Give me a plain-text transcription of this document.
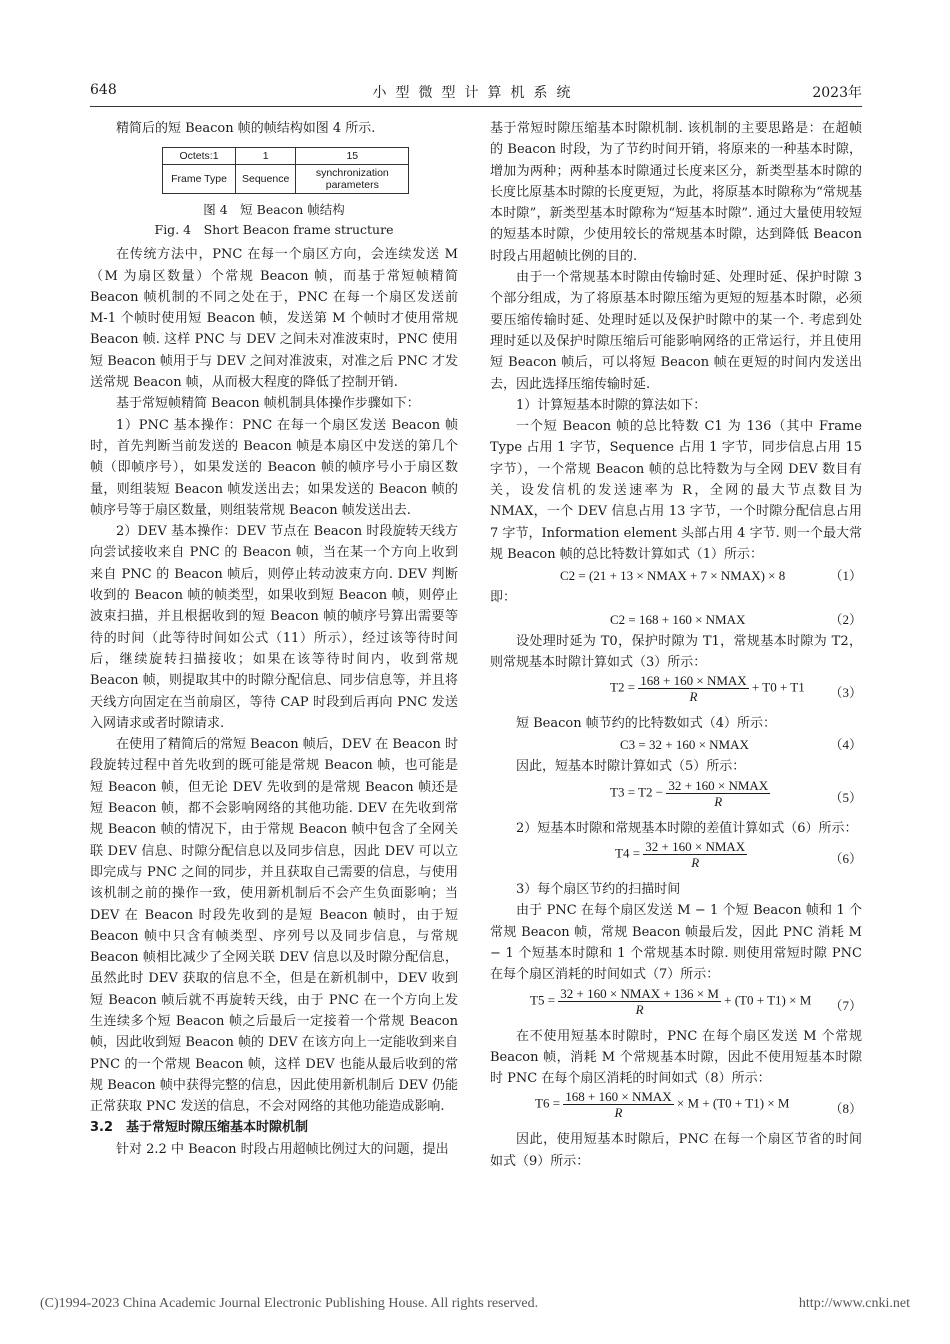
648	小型微型计算机系统	2023年

精简后的短 Beacon 帧的帧结构如图 4 所示.

Octets:1	1	15
Frame Type	Sequence	synchronization parameters
图 4　短 Beacon 帧结构
Fig. 4　Short Beacon frame structure

在传统方法中，PNC 在每一个扇区方向，会连续发送 M（M 为扇区数量）个常规 Beacon 帧，而基于常短帧精简 Beacon 帧机制的不同之处在于，PNC 在每一个扇区发送前 M-1 个帧时使用短 Beacon 帧，发送第 M 个帧时才使用常规 Beacon 帧. 这样 PNC 与 DEV 之间未对准波束时，PNC 使用短 Beacon 帧用于与 DEV 之间对准波束，对准之后 PNC 才发送常规 Beacon 帧，从而极大程度的降低了控制开销.

基于常短帧精简 Beacon 帧机制具体操作步骤如下：

1）PNC 基本操作：PNC 在每一个扇区发送 Beacon 帧时，首先判断当前发送的 Beacon 帧是本扇区中发送的第几个帧（即帧序号），如果发送的 Beacon 帧的帧序号小于扇区数量，则组装短 Beacon 帧发送出去；如果发送的 Beacon 帧的帧序号等于扇区数量，则组装常规 Beacon 帧发送出去.

2）DEV 基本操作：DEV 节点在 Beacon 时段旋转天线方向尝试接收来自 PNC 的 Beacon 帧，当在某一个方向上收到来自 PNC 的 Beacon 帧后，则停止转动波束方向. DEV 判断收到的 Beacon 帧的帧类型，如果收到短 Beacon 帧，则停止波束扫描，并且根据收到的短 Beacon 帧的帧序号算出需要等待的时间（此等待时间如公式（11）所示），经过该等待时间后，继续旋转扫描接收；如果在该等待时间内，收到常规 Beacon 帧，则提取其中的时隙分配信息、同步信息等，并且将天线方向固定在当前扇区，等待 CAP 时段到后再向 PNC 发送入网请求或者时隙请求.

在使用了精简后的常短 Beacon 帧后，DEV 在 Beacon 时段旋转过程中首先收到的既可能是常规 Beacon 帧，也可能是短 Beacon 帧，但无论 DEV 先收到的是常规 Beacon 帧还是短 Beacon 帧，都不会影响网络的其他功能. DEV 在先收到常规 Beacon 帧的情况下，由于常规 Beacon 帧中包含了全网关联 DEV 信息、时隙分配信息以及同步信息，因此 DEV 可以立即完成与 PNC 之间的同步，并且获取自己需要的信息，与使用该机制之前的操作一致，使用新机制后不会产生负面影响；当 DEV 在 Beacon 时段先收到的是短 Beacon 帧时，由于短 Beacon 帧中只含有帧类型、序列号以及同步信息，与常规 Beacon 帧相比减少了全网关联 DEV 信息以及时隙分配信息，虽然此时 DEV 获取的信息不全，但是在新机制中，DEV 收到短 Beacon 帧后就不再旋转天线，由于 PNC 在一个方向上发生连续多个短 Beacon 帧之后最后一定接着一个常规 Beacon 帧，因此收到短 Beacon 帧的 DEV 在该方向上一定能收到来自 PNC 的一个常规 Beacon 帧，这样 DEV 也能从最后收到的常规 Beacon 帧中获得完整的信息，因此使用新机制后 DEV 仍能正常获取 PNC 发送的信息，不会对网络的其他功能造成影响.

3.2　基于常短时隙压缩基本时隙机制

针对 2.2 中 Beacon 时段占用超帧比例过大的问题，提出

基于常短时隙压缩基本时隙机制. 该机制的主要思路是：在超帧的 Beacon 时段，为了节约时间开销，将原来的一种基本时隙，增加为两种；两种基本时隙通过长度来区分，新类型基本时隙的长度比原基本时隙的长度更短，为此，将原基本时隙称为“常规基本时隙”，新类型基本时隙称为“短基本时隙”. 通过大量使用较短的短基本时隙，少使用较长的常规基本时隙，达到降低 Beacon 时段占用超帧比例的目的.

由于一个常规基本时隙由传输时延、处理时延、保护时隙 3 个部分组成，为了将原基本时隙压缩为更短的短基本时隙，必须要压缩传输时延、处理时延以及保护时隙中的某一个. 考虑到处理时延以及保护时隙压缩后可能影响网络的正常运行，并且使用短 Beacon 帧后，可以将短 Beacon 帧在更短的时间内发送出去，因此选择压缩传输时延.

1）计算短基本时隙的算法如下：

一个短 Beacon 帧的总比特数 C1 为 136（其中 Frame Type 占用 1 字节，Sequence 占用 1 字节，同步信息占用 15 字节），一个常规 Beacon 帧的总比特数为与全网 DEV 数目有关，设发信机的发送速率为 R，全网的最大节点数目为 NMAX，一个 DEV 信息占用 13 字节，一个时隙分配信息占用 7 字节，Information element 头部占用 4 字节. 则一个最大常规 Beacon 帧的总比特数计算如式（1）所示：

C2 = (21 + 13 × NMAX + 7 × NMAX) × 8	（1）

即：

C2 = 168 + 160 × NMAX	（2）

设处理时延为 T0，保护时隙为 T1，常规基本时隙为 T2，则常规基本时隙计算如式（3）所示：

$T2 = \frac{\text{168 + 160 × NMAX}}{R} + T0 + T1$ （3）

短 Beacon 帧节约的比特数如式（4）所示：

C3 = 32 + 160 × NMAX	（4）

因此，短基本时隙计算如式（5）所示：

$T3 = T2 - \frac{\text{32 + 160 × NMAX}}{R}$	（5）

2）短基本时隙和常规基本时隙的差值计算如式（6）所示：

$T4 = \frac{\text{32 + 160 × NMAX}}{R}$	（6）

3）每个扇区节约的扫描时间

由于 PNC 在每个扇区发送 M − 1 个短 Beacon 帧和 1 个常规 Beacon 帧，常规 Beacon 帧最后发，因此 PNC 消耗 M − 1 个短基本时隙和 1 个常规基本时隙. 则使用常短时隙 PNC 在每个扇区消耗的时间如式（7）所示：

$T5 = \frac{\text{32 + 160 × NMAX + 136 × M}}{R} + (T0 + T1) \times M$ （7）

在不使用短基本时隙时，PNC 在每个扇区发送 M 个常规 Beacon 帧，消耗 M 个常规基本时隙，因此不使用短基本时隙时 PNC 在每个扇区消耗的时间如式（8）所示：

$T6 = \frac{\text{168 + 160 × NMAX}}{R} \times M + (T0 + T1) \times M$	（8）

因此，使用短基本时隙后，PNC 在每一个扇区节省的时间如式（9）所示：

(C)1994-2023 China Academic Journal Electronic Publishing House. All rights reserved.	http://www.cnki.net
